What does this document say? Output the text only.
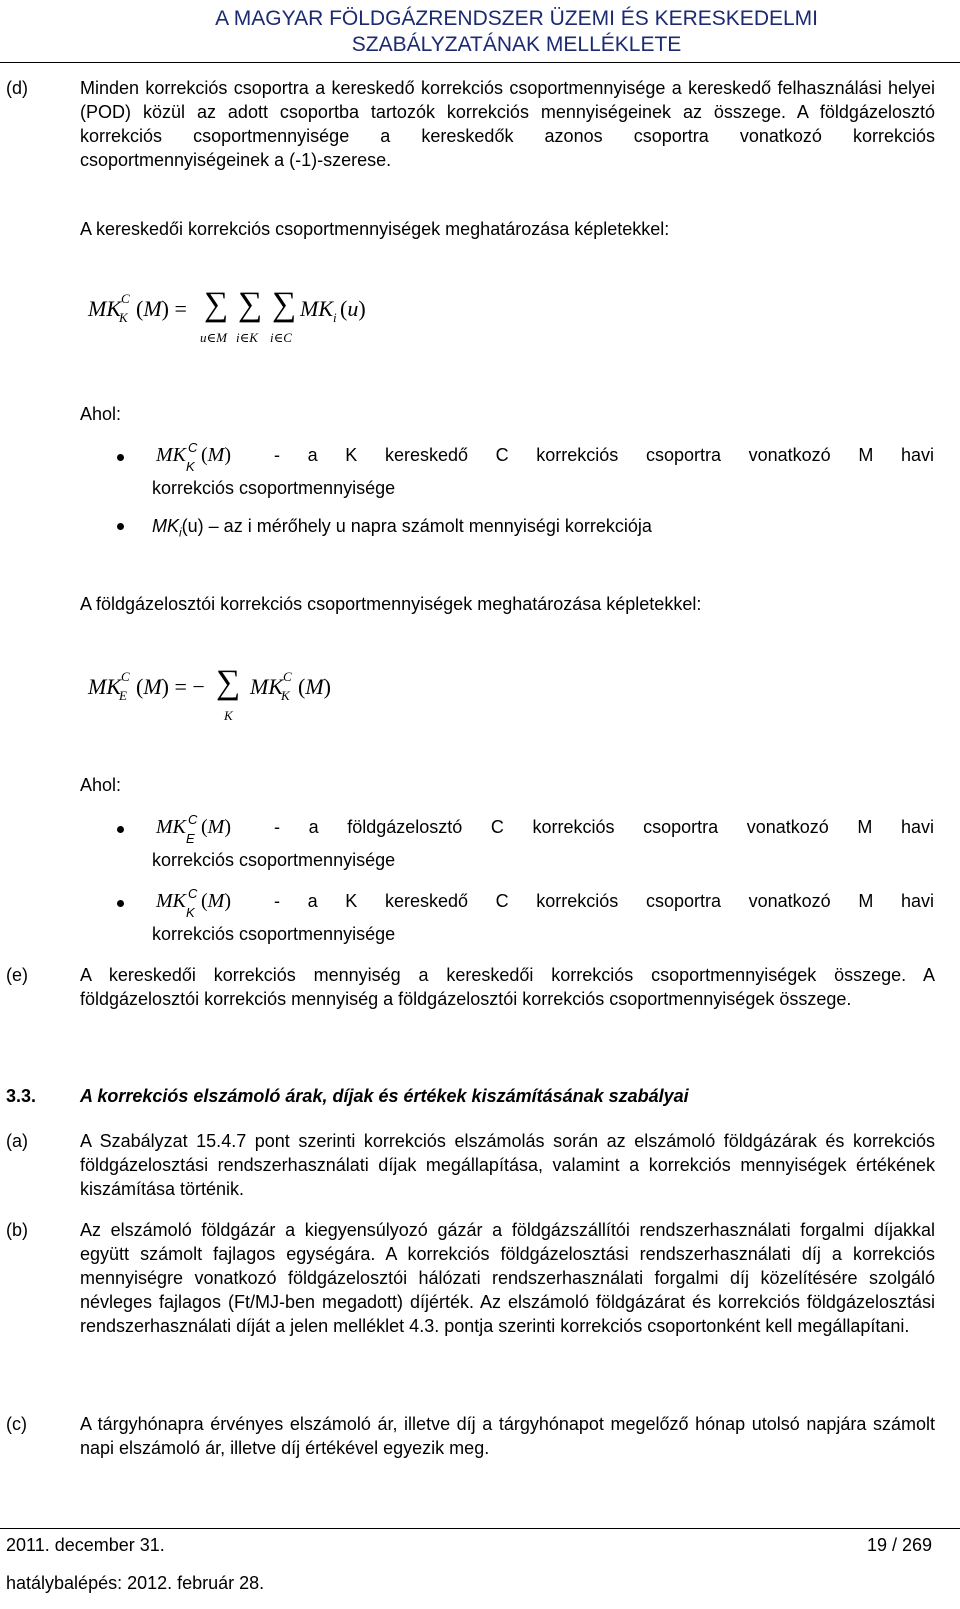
A MAGYAR FÖLDGÁZRENDSZER ÜZEMI ÉS KERESKEDELMI
SZABÁLYZATÁNAK MELLÉKLETE
(d)	Minden korrekciós csoportra a kereskedő korrekciós csoportmennyisége a kereskedő felhasználási helyei (POD) közül az adott csoportba tartozók korrekciós mennyiségeinek az összege. A földgázelosztó korrekciós csoportmennyisége a kereskedők azonos csoportra vonatkozó korrekciós csoportmennyiségeinek a (-1)-szerese.
A kereskedői korrekciós csoportmennyiségek meghatározása képletekkel:
MK C
K (M) = ∑ ∑ ∑
u∈M i∈K i∈C
MK i (u)
Ahol:
MK C
K
(M) - a K kereskedő C korrekciós csoportra vonatkozó M havi
korrekciós csoportmennyisége
$MK_i(u)$ – az i mérőhely u napra számolt mennyiségi korrekciója
A földgázelosztói korrekciós csoportmennyiségek meghatározása képletekkel:
MK C
E (M) = − ∑
K
MK C
K (M)
Ahol:
MK C
E
(M) - a földgázelosztó C korrekciós csoportra vonatkozó M havi
korrekciós csoportmennyisége
MK C
K
(M) - a K kereskedő C korrekciós csoportra vonatkozó M havi
korrekciós csoportmennyisége
(e)	A kereskedői korrekciós mennyiség a kereskedői korrekciós csoportmennyiségek összege. A földgázelosztói korrekciós mennyiség a földgázelosztói korrekciós csoportmennyiségek összege.
3.3. A korrekciós elszámoló árak, díjak és értékek kiszámításának szabályai
(a)	A Szabályzat 15.4.7 pont szerinti korrekciós elszámolás során az elszámoló földgázárak és korrekciós földgázelosztási rendszerhasználati díjak megállapítása, valamint a korrekciós mennyiségek értékének kiszámítása történik.
(b)	Az elszámoló földgázár a kiegyensúlyozó gázár a földgázszállítói rendszerhasználati forgalmi díjakkal együtt számolt fajlagos egységára. A korrekciós földgázelosztási rendszerhasználati díj a korrekciós mennyiségre vonatkozó földgázelosztói hálózati rendszerhasználati forgalmi díj közelítésére szolgáló névleges fajlagos (Ft/MJ-ben megadott) díjérték. Az elszámoló földgázárat és korrekciós földgázelosztási rendszerhasználati díját a jelen melléklet 4.3. pontja szerinti korrekciós csoportonként kell megállapítani.
(c)	A tárgyhónapra érvényes elszámoló ár, illetve díj a tárgyhónapot megelőző hónap utolsó napjára számolt napi elszámoló ár, illetve díj értékével egyezik meg.
2011. december 31.	19 / 269
hatálybalépés: 2012. február 28.
